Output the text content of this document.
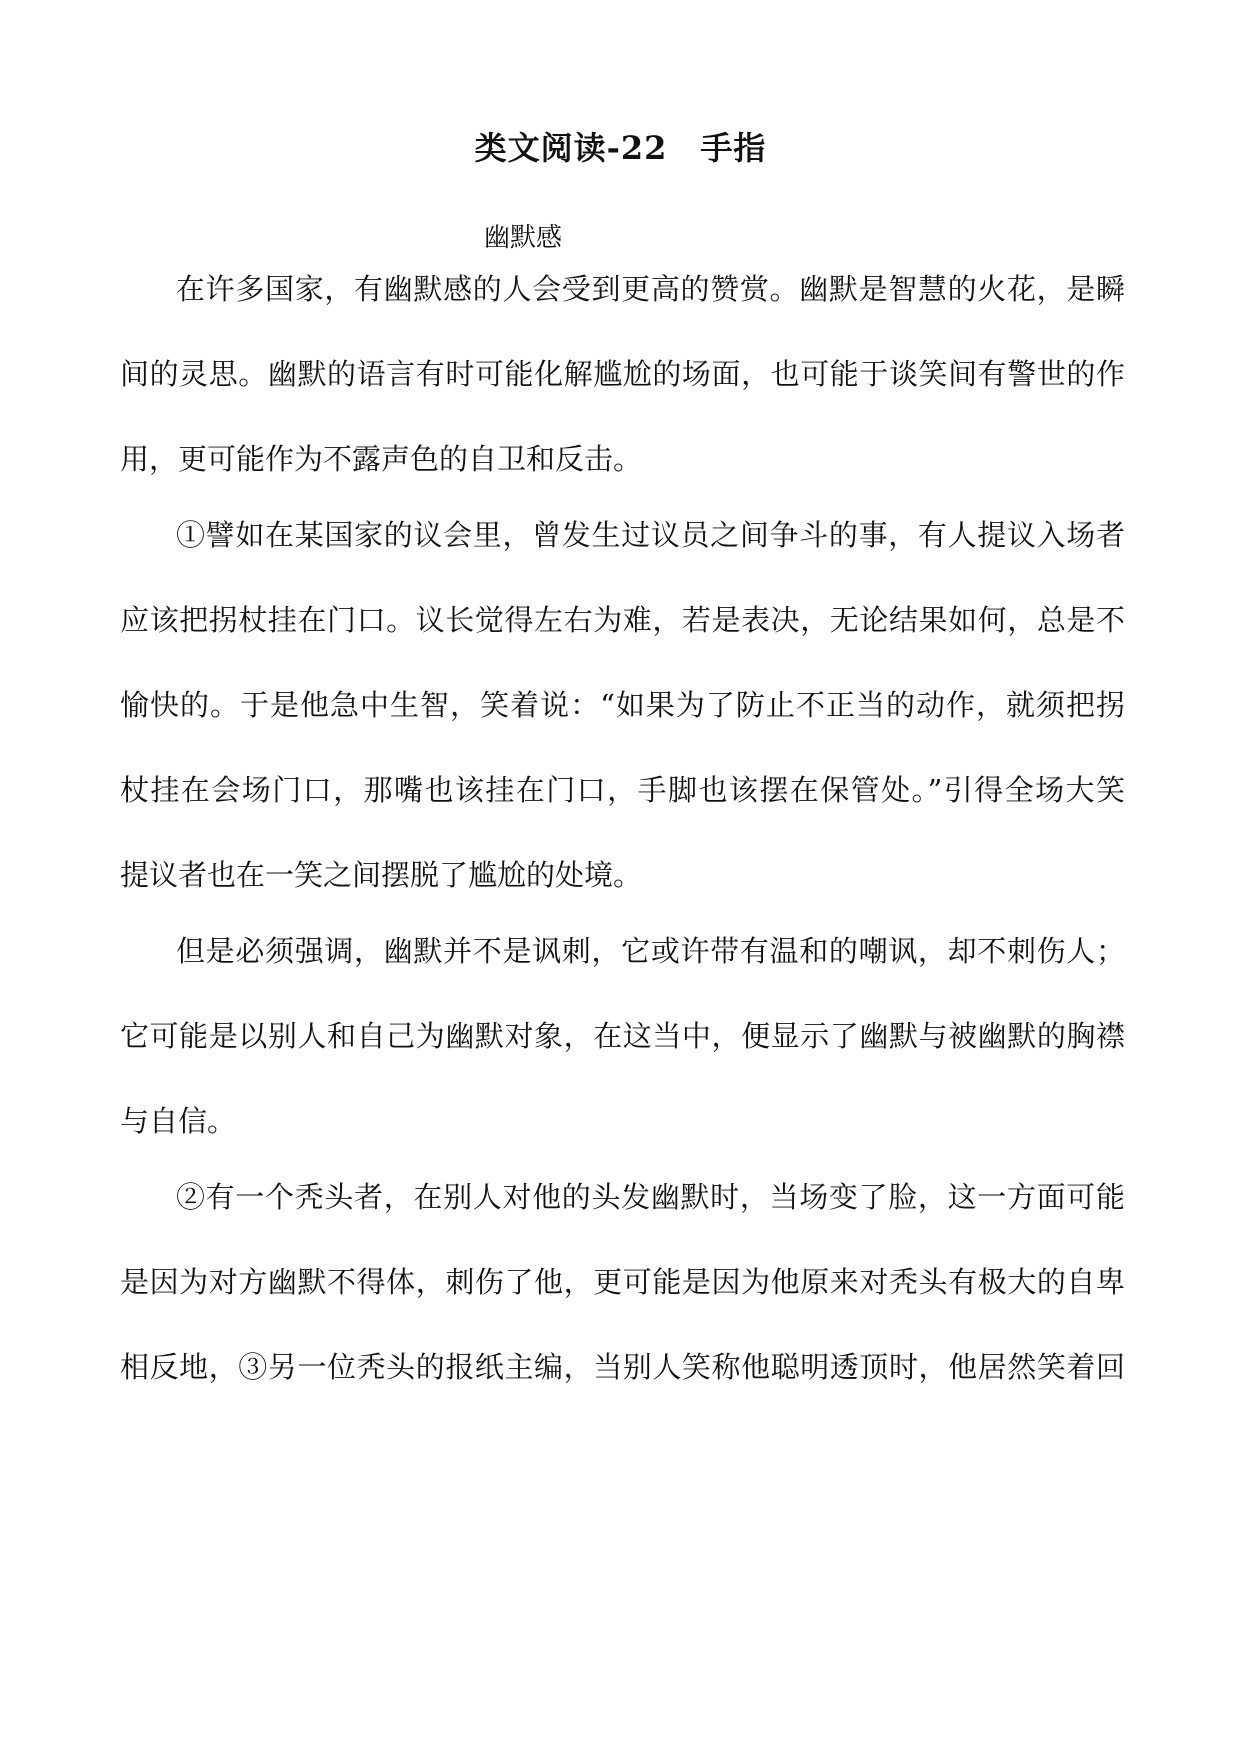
类文阅读-22　手指
幽默感
在许多国家，有幽默感的人会受到更高的赞赏。幽默是智慧的火花，是瞬
间的灵思。幽默的语言有时可能化解尴尬的场面，也可能于谈笑间有警世的作
用，更可能作为不露声色的自卫和反击。
①譬如在某国家的议会里，曾发生过议员之间争斗的事，有人提议入场者
应该把拐杖挂在门口。议长觉得左右为难，若是表决，无论结果如何，总是不
愉快的。于是他急中生智，笑着说：“如果为了防止不正当的动作，就须把拐
杖挂在会场门口，那嘴也该挂在门口，手脚也该摆在保管处。”引得全场大笑
提议者也在一笑之间摆脱了尴尬的处境。
但是必须强调，幽默并不是讽刺，它或许带有温和的嘲讽，却不刺伤人；
它可能是以别人和自己为幽默对象，在这当中，便显示了幽默与被幽默的胸襟
与自信。
②有一个秃头者，在别人对他的头发幽默时，当场变了脸，这一方面可能
是因为对方幽默不得体，刺伤了他，更可能是因为他原来对秃头有极大的自卑
相反地，③另一位秃头的报纸主编，当别人笑称他聪明透顶时，他居然笑着回
